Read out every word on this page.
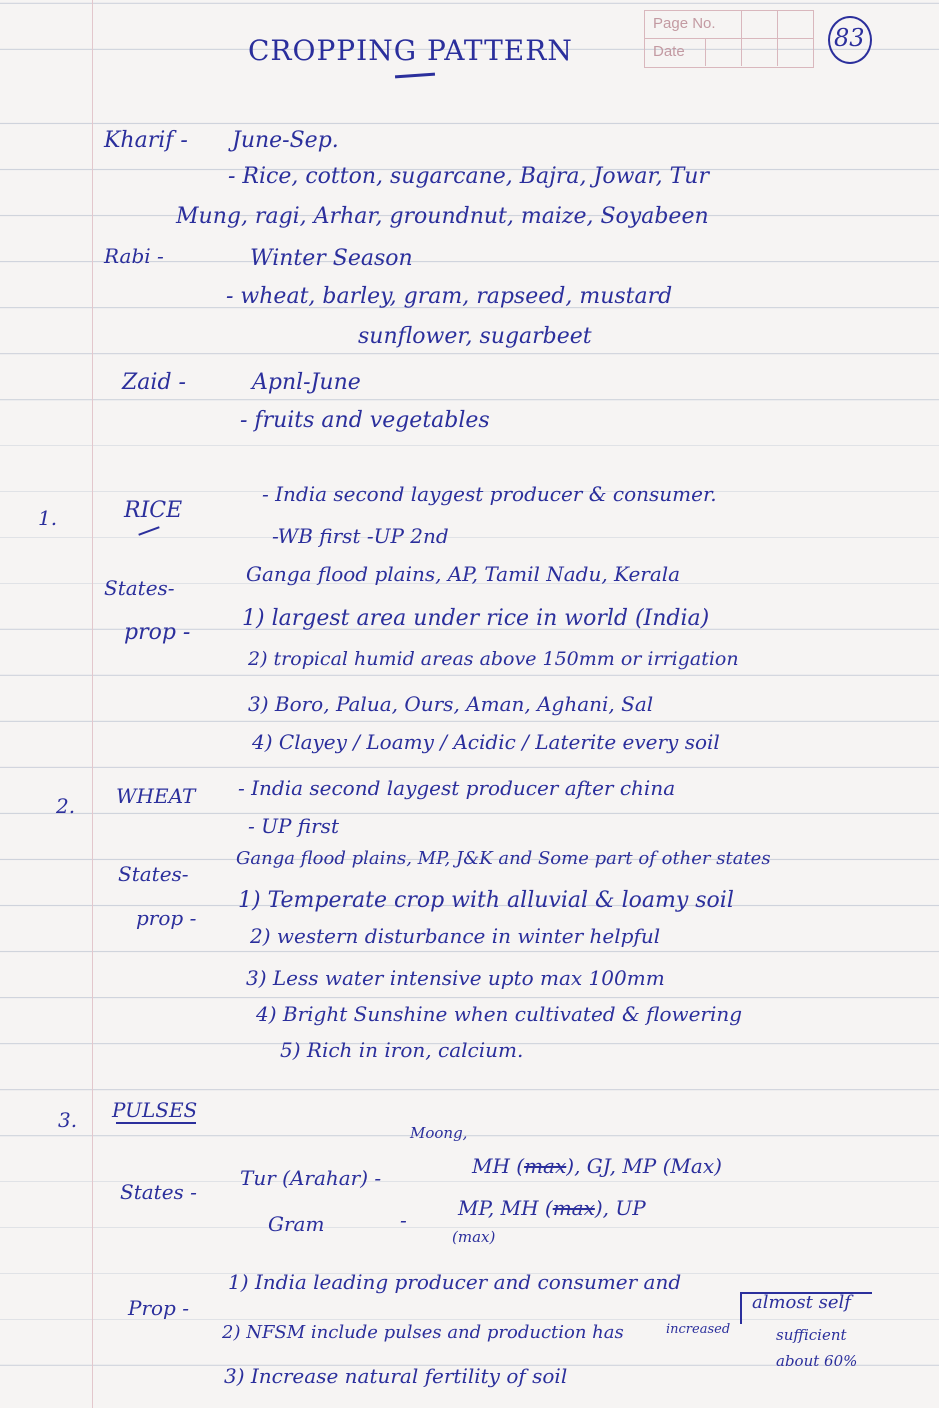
CROPPING PATTERN
Page No.
Date	83
Kharif - June-Sep.
- Rice, cotton, sugarcane, Bajra, Jowar, Tur
Mung, ragi, Arhar, groundnut, maize, Soyabeen
Rabi -	Winter Season
- wheat, barley, gram, rapseed, mustard
sunflower, sugarbeet
Zaid -	Apnl-June
- fruits and vegetables
1.	RICE
- India second laygest producer & consumer.
-WB first -UP 2nd
States-
Ganga flood plains, AP, Tamil Nadu, Kerala
prop -
1) largest area under rice in world (India)
2) tropical humid areas above 150mm or irrigation
3) Boro, Palua, Ours, Aman, Aghani, Sal
4) Clayey / Loamy / Acidic / Laterite every soil
2. WHEAT - India second laygest producer after china
- UP first
States-
Ganga flood plains, MP, J&K and Some part of other states
prop -
1) Temperate crop with alluvial & loamy soil
2) western disturbance in winter helpful
3) Less water intensive upto max 100mm
4) Bright Sunshine when cultivated & flowering
5) Rich in iron, calcium.
3. PULSES
Moong,
States -
Tur (Arahar) -	MH (max), GJ, MP (Max)
Gram	-	MP, MH (max), UP
(max)
Prop -
1) India leading producer and consumer and
almost self
2) NFSM include pulses and production has	increased	sufficient
about 60%
3) Increase natural fertility of soil
